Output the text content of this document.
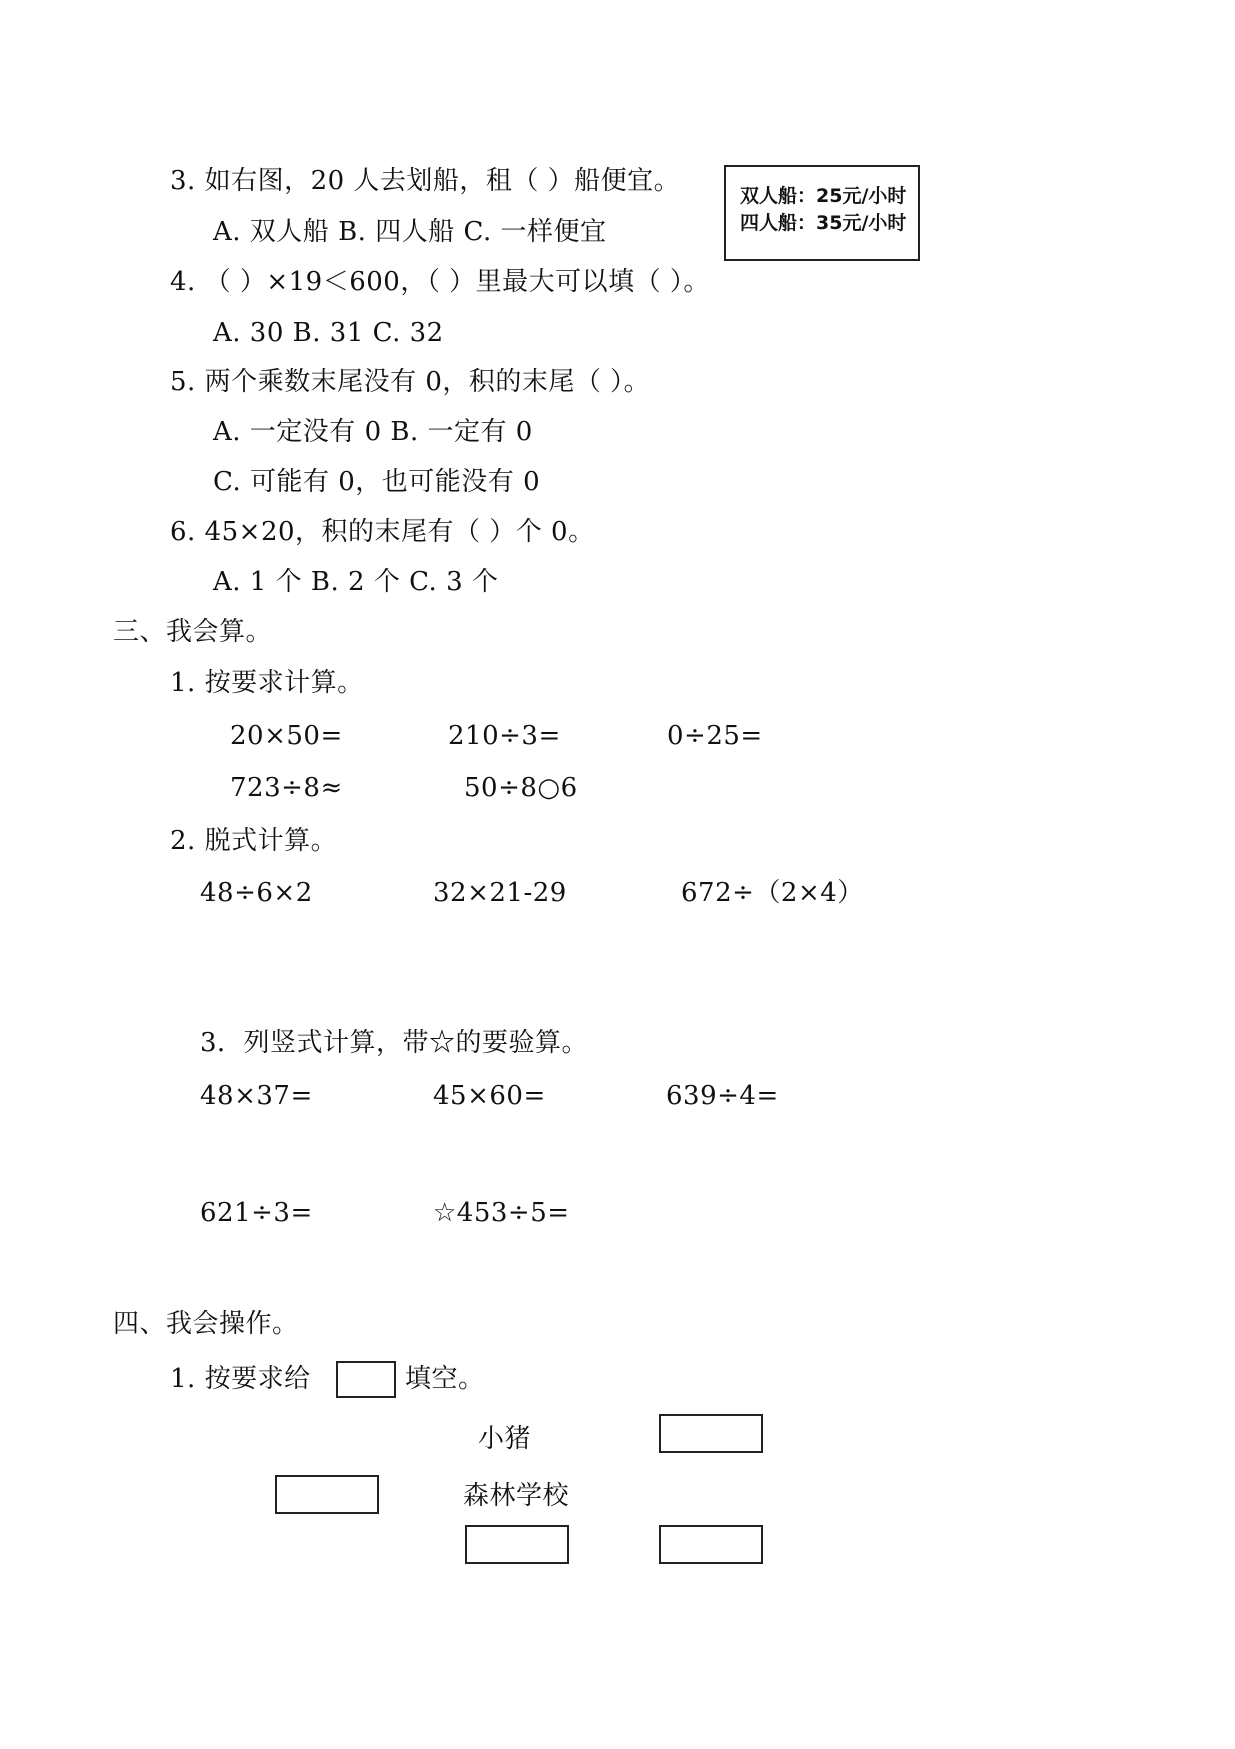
3. 如右图，20 人去划船，租（ ）船便宜。
A. 双人船 B. 四人船 C. 一样便宜
双人船：25元/小时
四人船：35元/小时
4. （ ）×19＜600，（ ）里最大可以填（ ）。
A. 30 B. 31 C. 32
5. 两个乘数末尾没有 0，积的末尾（ ）。
A. 一定没有 0 B. 一定有 0
C. 可能有 0，也可能没有 0
6. 45×20，积的末尾有（ ）个 0。
A. 1 个 B. 2 个 C. 3 个
三、我会算。
1. 按要求计算。
20×50=	210÷3=	0÷25=
723÷8≈	50÷8○6
2. 脱式计算。
48÷6×2	32×21-29	672÷（2×4）
3．列竖式计算，带☆的要验算。
48×37=	45×60=	639÷4=
621÷3=	☆453÷5=
四、我会操作。
1. 按要求给	填空。
小猪
森林学校
